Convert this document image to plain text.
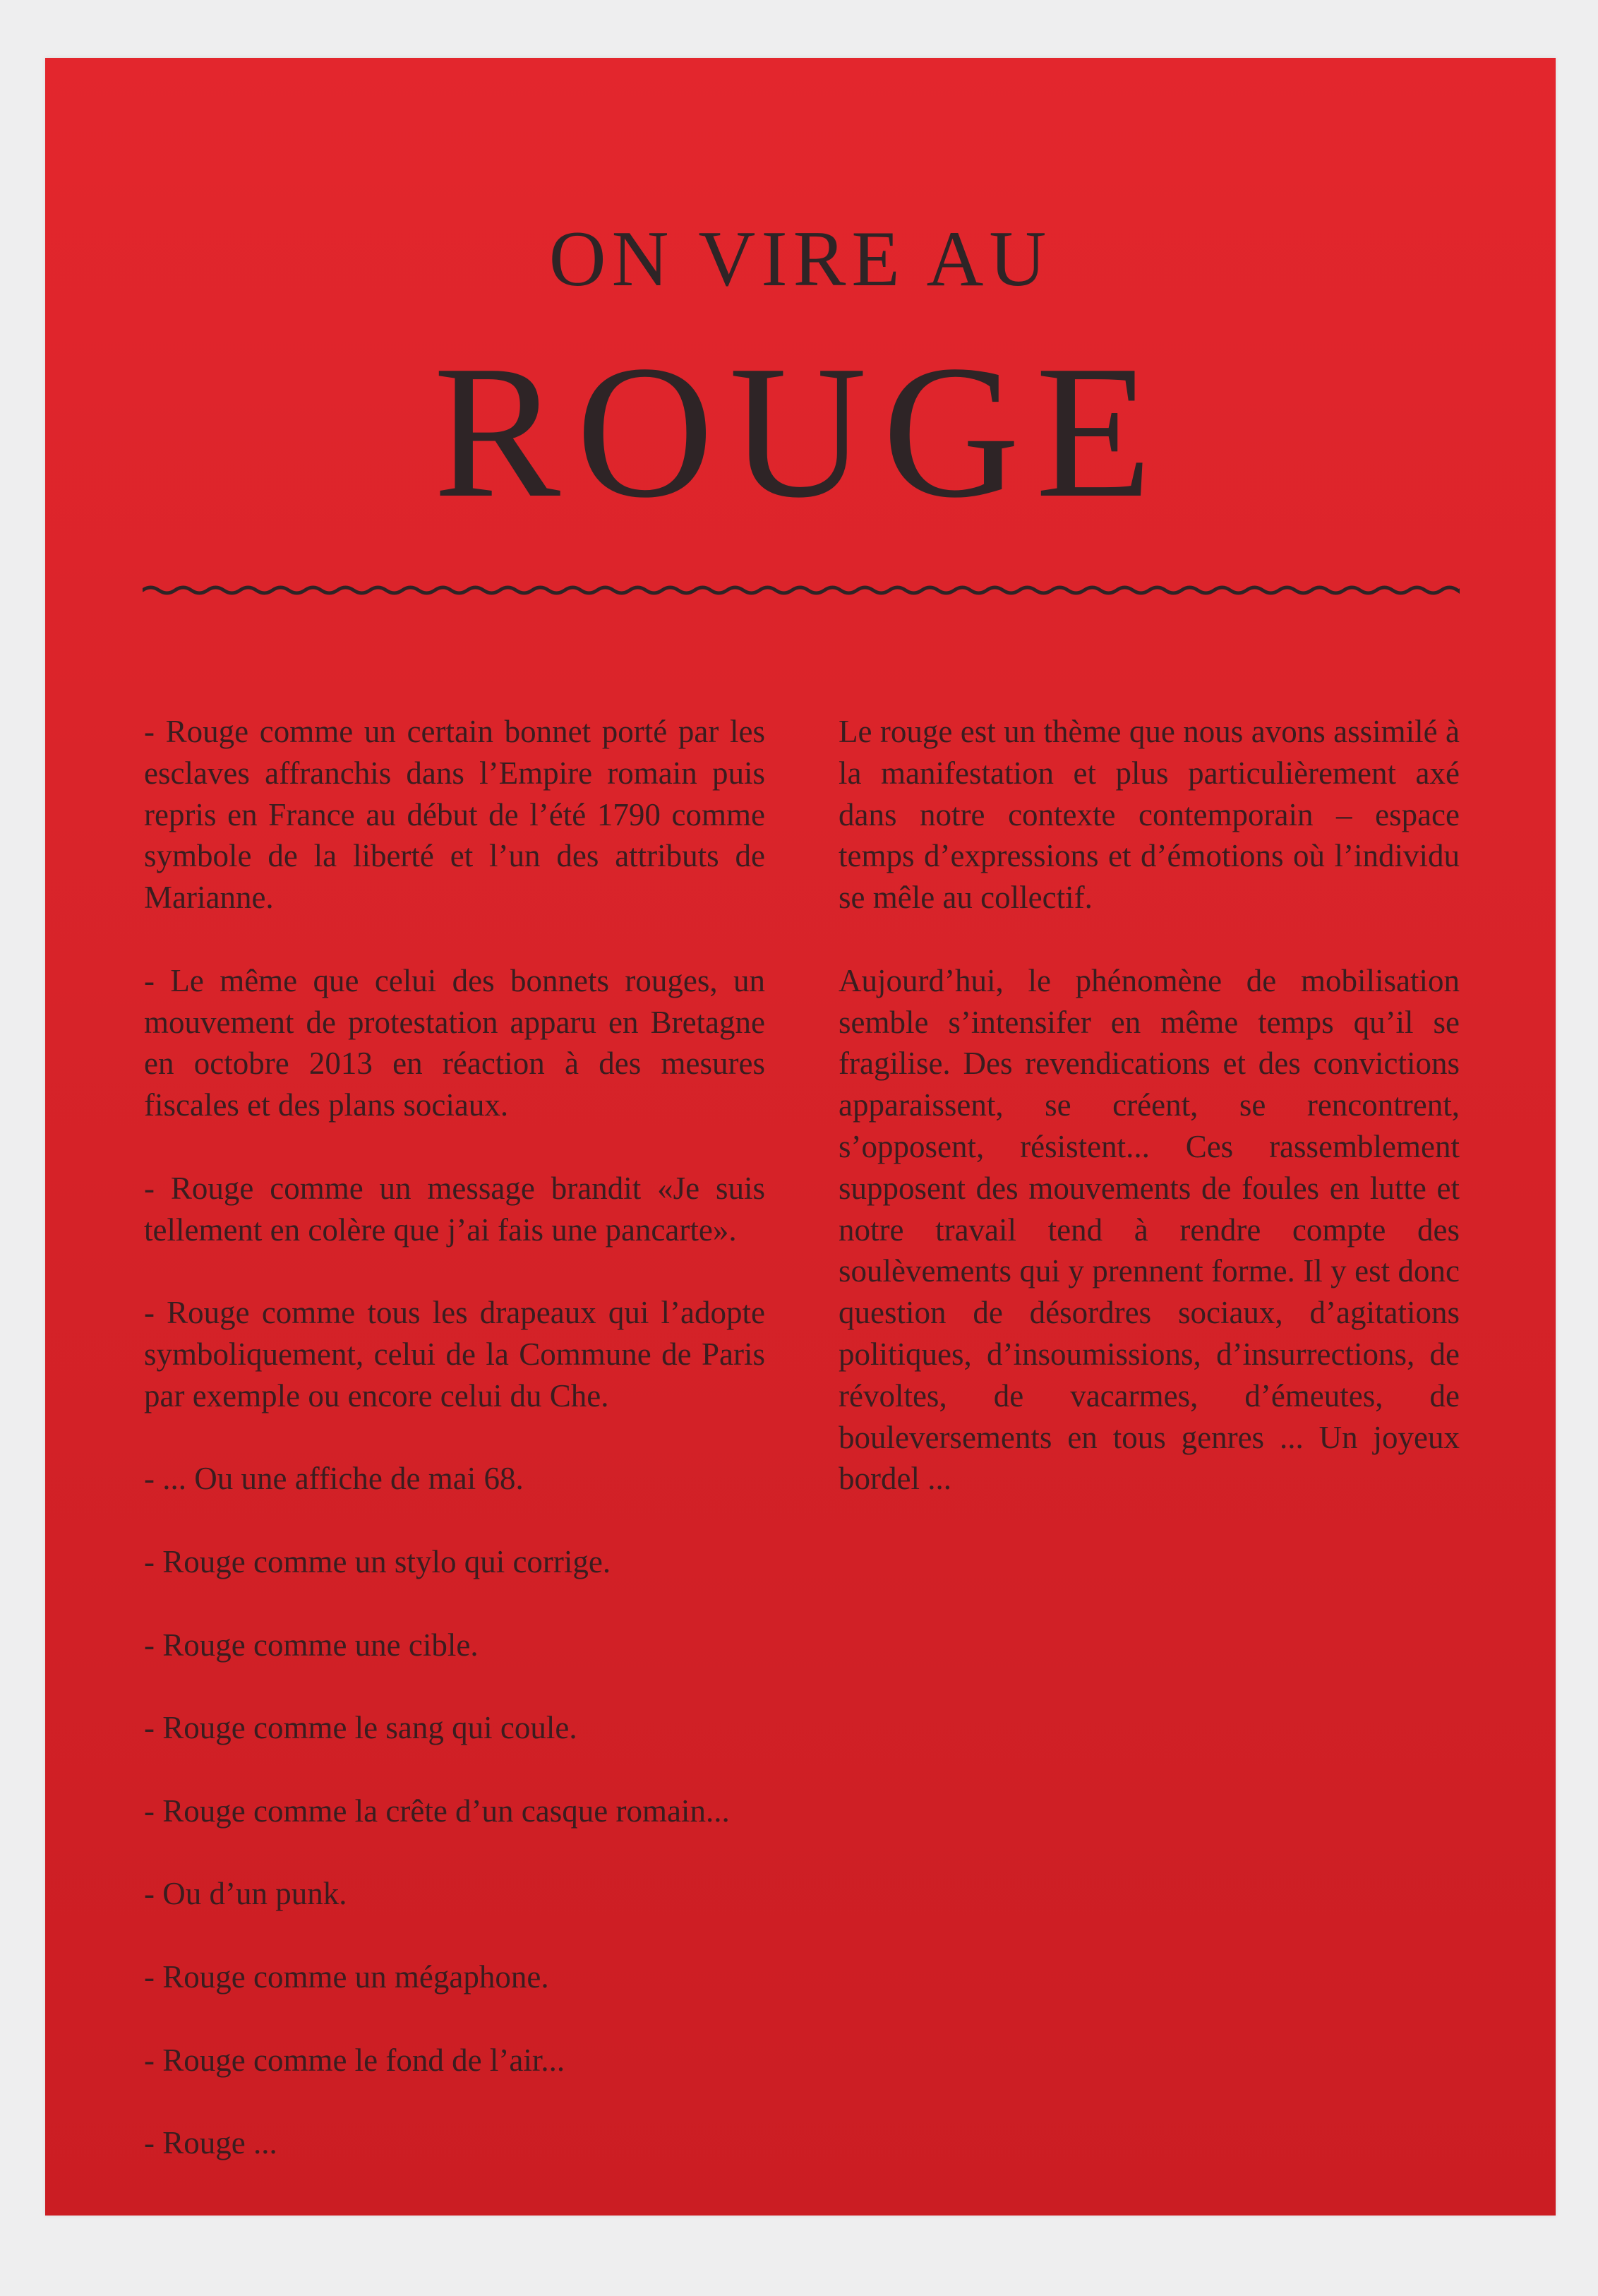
ON VIRE AU
ROUGE

- Rouge comme un certain bonnet porté par les esclaves affranchis dans l’Empire romain puis repris en France au début de l’été 1790 comme symbole de la liberté et l’un des attributs de Marianne.

- Le même que celui des bonnets rouges, un mouvement de protestation apparu en Bretagne en octobre 2013 en réaction à des mesures fiscales et des plans sociaux.

- Rouge comme un message brandit «Je suis tellement en colère que j’ai fais une pancarte».

- Rouge comme tous les drapeaux qui l’adopte symboliquement, celui de la Commune de Paris par exemple ou encore celui du Che.

- ... Ou une affiche de mai 68.

- Rouge comme un stylo qui corrige.

- Rouge comme une cible.

- Rouge comme le sang qui coule.

- Rouge comme la crête d’un casque romain...

- Ou d’un punk.

- Rouge comme un mégaphone.

- Rouge comme le fond de l’air...

- Rouge ...

Le rouge est un thème que nous avons assimilé à la manifestation et plus particulièrement axé dans notre contexte contemporain – espace temps d’expressions et d’émotions où l’individu se mêle au collectif.

Aujourd’hui, le phénomène de mobilisation semble s’intensifer en même temps qu’il se fragilise. Des revendications et des convictions apparaissent, se créent, se rencontrent, s’opposent, résistent... Ces rassemblement supposent des mouvements de foules en lutte et notre travail tend à rendre compte des soulèvements qui y prennent forme. Il y est donc question de désordres sociaux, d’agitations politiques, d’insoumissions, d’insurrections, de révoltes, de vacarmes, d’émeutes, de bouleversements en tous genres ... Un joyeux bordel ...
